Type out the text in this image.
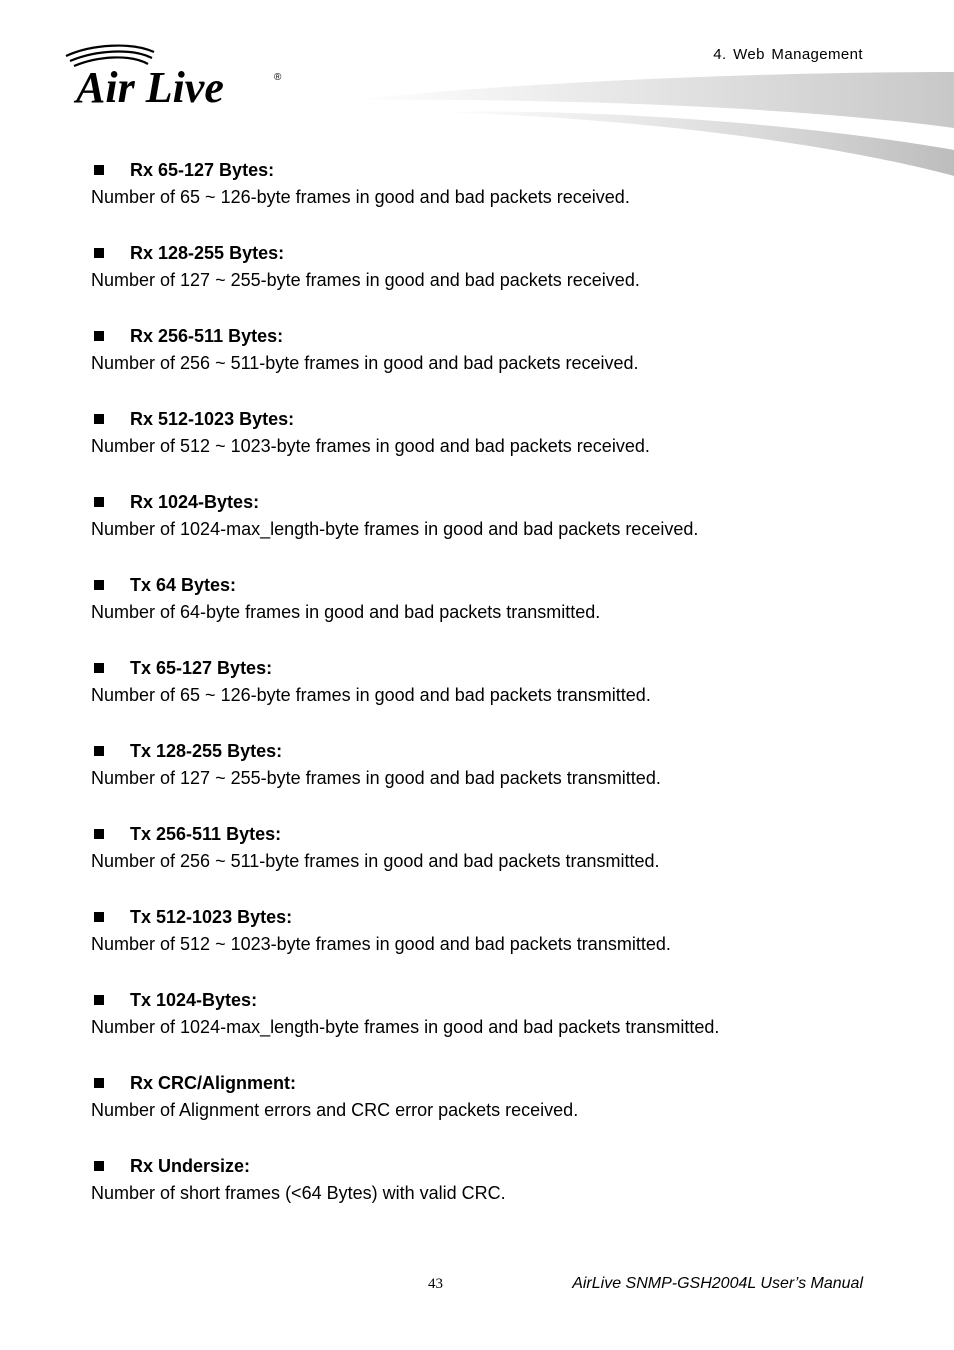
Air Live	®
4. Web Management
Rx 65-127 Bytes:
Number of 65 ~ 126-byte frames in good and bad packets received.
Rx 128-255 Bytes:
Number of 127 ~ 255-byte frames in good and bad packets received.
Rx 256-511 Bytes:
Number of 256 ~ 511-byte frames in good and bad packets received.
Rx 512-1023 Bytes:
Number of 512 ~ 1023-byte frames in good and bad packets received.
Rx 1024-Bytes:
Number of 1024-max_length-byte frames in good and bad packets received.
Tx 64 Bytes:
Number of 64-byte frames in good and bad packets transmitted.
Tx 65-127 Bytes:
Number of 65 ~ 126-byte frames in good and bad packets transmitted.
Tx 128-255 Bytes:
Number of 127 ~ 255-byte frames in good and bad packets transmitted.
Tx 256-511 Bytes:
Number of 256 ~ 511-byte frames in good and bad packets transmitted.
Tx 512-1023 Bytes:
Number of 512 ~ 1023-byte frames in good and bad packets transmitted.
Tx 1024-Bytes:
Number of 1024-max_length-byte frames in good and bad packets transmitted.
Rx CRC/Alignment:
Number of Alignment errors and CRC error packets received.
Rx Undersize:
Number of short frames (<64 Bytes) with valid CRC.
43	AirLive SNMP-GSH2004L User’s Manual
